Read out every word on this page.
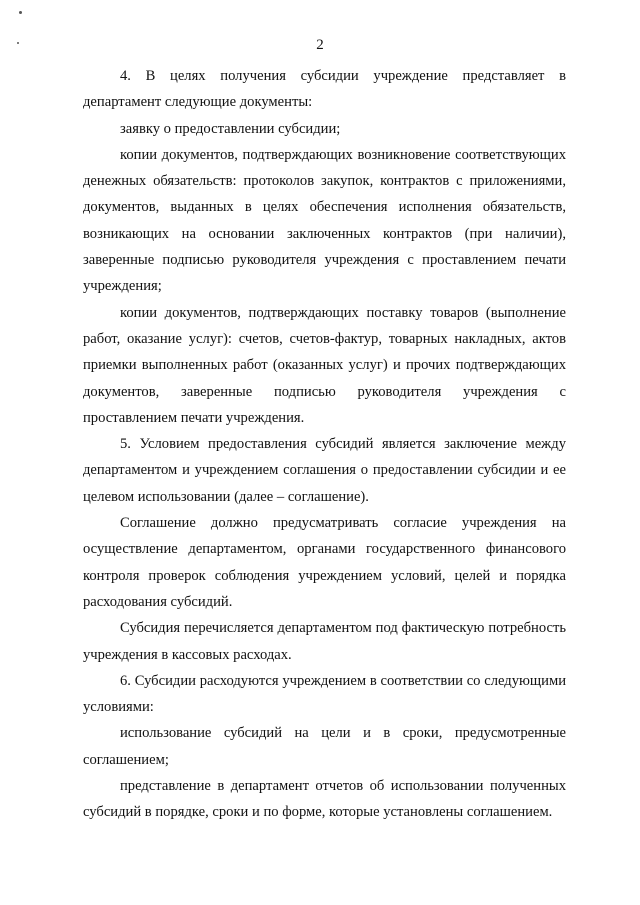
2

4. В целях получения субсидии учреждение представляет в департамент следующие документы:

заявку о предоставлении субсидии;

копии документов, подтверждающих возникновение соответствующих денежных обязательств: протоколов закупок, контрактов с приложениями, документов, выданных в целях обеспечения исполнения обязательств, возникающих на основании заключенных контрактов (при наличии), заверенные подписью руководителя учреждения с проставлением печати учреждения;

копии документов, подтверждающих поставку товаров (выполнение работ, оказание услуг): счетов, счетов-фактур, товарных накладных, актов приемки выполненных работ (оказанных услуг) и прочих подтверждающих документов, заверенные подписью руководителя учреждения с проставлением печати учреждения.

5. Условием предоставления субсидий является заключение между департаментом и учреждением соглашения о предоставлении субсидии и ее целевом использовании (далее – соглашение).

Соглашение должно предусматривать согласие учреждения на осуществление департаментом, органами государственного финансового контроля проверок соблюдения учреждением условий, целей и порядка расходования субсидий.

Субсидия перечисляется департаментом под фактическую потребность учреждения в кассовых расходах.

6. Субсидии расходуются учреждением в соответствии со следующими условиями:

использование субсидий на цели и в сроки, предусмотренные соглашением;

представление в департамент отчетов об использовании полученных субсидий в порядке, сроки и по форме, которые установлены соглашением.
